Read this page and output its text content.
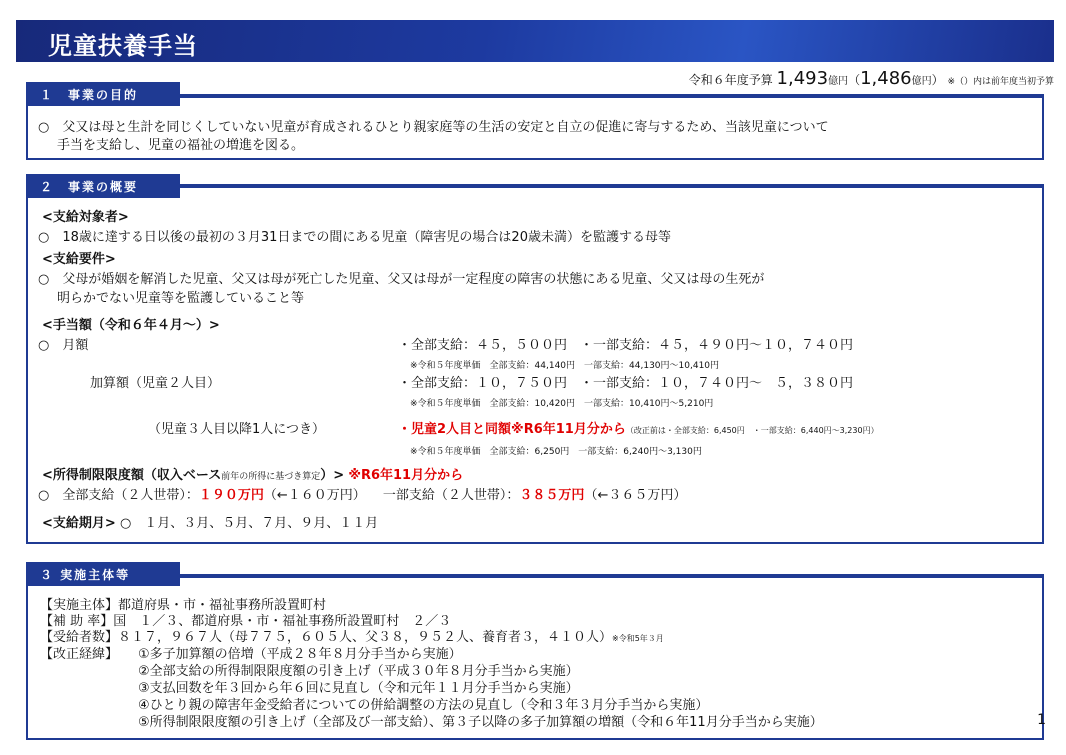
児童扶養手当
令和６年度予算 1,493億円（1,486億円） ※（）内は前年度当初予算
１　事業の目的
○　父又は母と生計を同じくしていない児童が育成されるひとり親家庭等の生活の安定と自立の促進に寄与するため、当該児童について
手当を支給し、児童の福祉の増進を図る。
２　事業の概要
<支給対象者>
○　18歳に達する日以後の最初の３月31日までの間にある児童（障害児の場合は20歳未満）を監護する母等
<支給要件>
○　父母が婚姻を解消した児童、父又は母が死亡した児童、父又は母が一定程度の障害の状態にある児童、父又は母の生死が
明らかでない児童等を監護していること等
<手当額（令和６年４月～）>
○　月額	・全部支給：４５，５００円　・一部支給：４５，４９０円～１０，７４０円
※令和５年度単価　全部支給：44,140円　一部支給：44,130円～10,410円
加算額（児童２人目）	・全部支給：１０，７５０円　・一部支給：１０，７４０円～　５，３８０円
※令和５年度単価　全部支給：10,420円　一部支給：10,410円～5,210円
（児童３人目以降1人につき）	・児童2人目と同額※R6年11月分から（改正前は・全部支給：6,450円　・一部支給：6,440円～3,230円）
※令和５年度単価　全部支給：6,250円　一部支給：6,240円～3,130円
<所得制限限度額（収入ベース前年の所得に基づき算定）> ※R6年11月分から
○　全部支給（２人世帯）：１９０万円（←１６０万円） 　 一部支給（２人世帯）：３８５万円（←３６５万円）
<支給期月> ○　１月、３月、５月、７月、９月、１１月
３ 実施主体等
【実施主体】都道府県・市・福祉事務所設置町村
【補 助 率】国　１／３、都道府県・市・福祉事務所設置町村　２／３
【受給者数】８１７，９６７人（母７７５，６０５人、父３８，９５２人、養育者３，４１０人）※令和5年３月
【改正経緯】 ①多子加算額の倍増（平成２８年８月分手当から実施）
②全部支給の所得制限限度額の引き上げ（平成３０年８月分手当から実施）
③支払回数を年３回から年６回に見直し（令和元年１１月分手当から実施）
④ひとり親の障害年金受給者についての併給調整の方法の見直し（令和３年３月分手当から実施）
⑤所得制限限度額の引き上げ（全部及び一部支給）、第３子以降の多子加算額の増額（令和６年11月分手当から実施）	1
